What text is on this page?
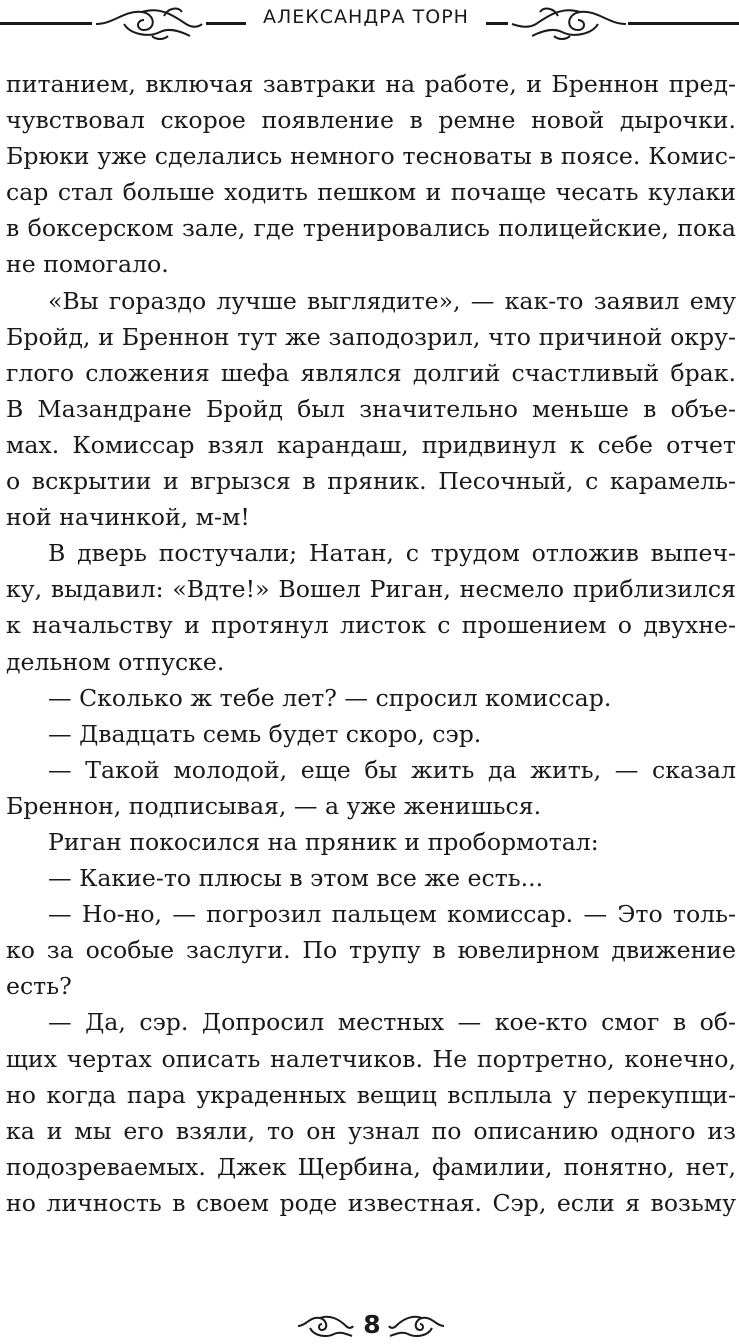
АЛЕКСАНДРА ТОРН
питанием, включая завтраки на работе, и Бреннон пред-
чувствовал скорое появление в ремне новой дырочки.
Брюки уже сделались немного тесноваты в поясе. Комис-
сар стал больше ходить пешком и почаще чесать кулаки
в боксерском зале, где тренировались полицейские, пока
не помогало.
«Вы гораздо лучше выглядите», — как-то заявил ему
Бройд, и Бреннон тут же заподозрил, что причиной окру-
глого сложения шефа являлся долгий счастливый брак.
В Мазандране Бройд был значительно меньше в объе-
мах. Комиссар взял карандаш, придвинул к себе отчет
о вскрытии и вгрызся в пряник. Песочный, с карамель-
ной начинкой, м-м!
В дверь постучали; Натан, с трудом отложив выпеч-
ку, выдавил: «Вдте!» Вошел Риган, несмело приблизился
к начальству и протянул листок с прошением о двухне-
дельном отпуске.
— Сколько ж тебе лет? — спросил комиссар.
— Двадцать семь будет скоро, сэр.
— Такой молодой, еще бы жить да жить, — сказал
Бреннон, подписывая, — а уже женишься.
Риган покосился на пряник и пробормотал:
— Какие-то плюсы в этом все же есть...
— Но-но, — погрозил пальцем комиссар. — Это толь-
ко за особые заслуги. По трупу в ювелирном движение
есть?
— Да, сэр. Допросил местных — кое-кто смог в об-
щих чертах описать налетчиков. Не портретно, конечно,
но когда пара украденных вещиц всплыла у перекупщи-
ка и мы его взяли, то он узнал по описанию одного из
подозреваемых. Джек Щербина, фамилии, понятно, нет,
но личность в своем роде известная. Сэр, если я возьму
8
